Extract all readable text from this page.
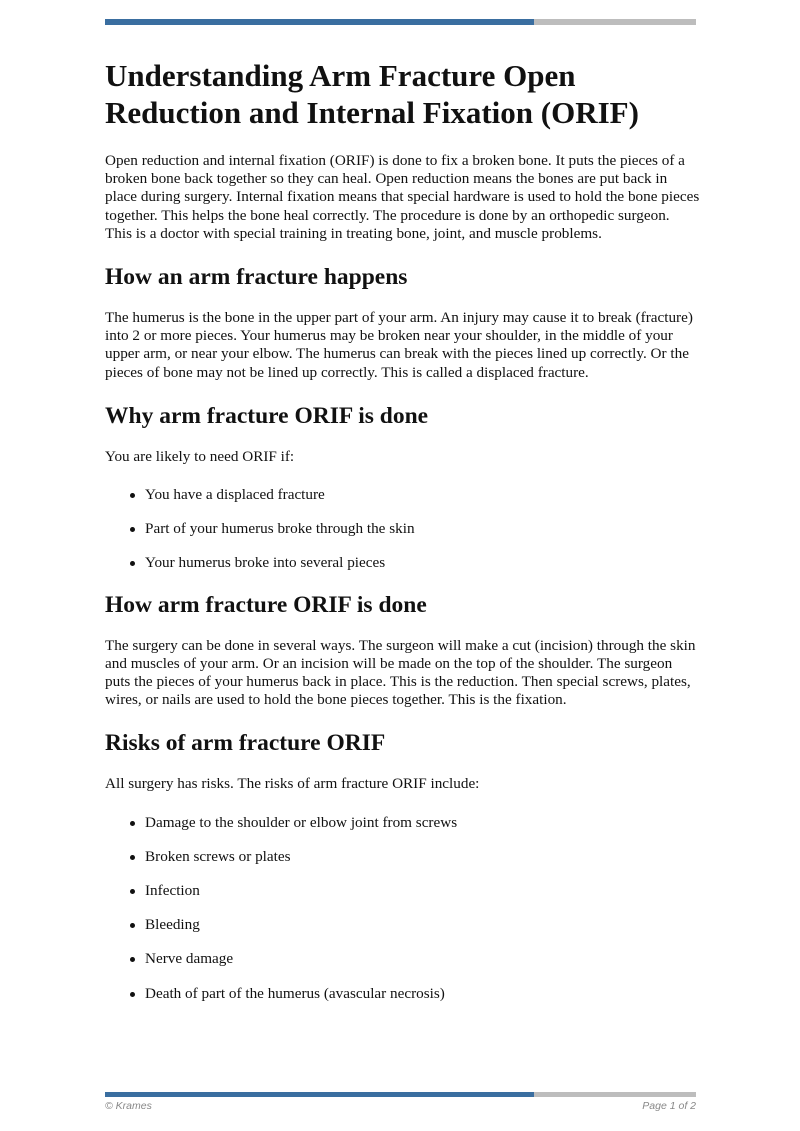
Understanding Arm Fracture Open Reduction and Internal Fixation (ORIF)

Open reduction and internal fixation (ORIF) is done to fix a broken bone. It puts the pieces of a broken bone back together so they can heal. Open reduction means the bones are put back in place during surgery. Internal fixation means that special hardware is used to hold the bone pieces together. This helps the bone heal correctly. The procedure is done by an orthopedic surgeon. This is a doctor with special training in treating bone, joint, and muscle problems.

How an arm fracture happens

The humerus is the bone in the upper part of your arm. An injury may cause it to break (fracture) into 2 or more pieces. Your humerus may be broken near your shoulder, in the middle of your upper arm, or near your elbow. The humerus can break with the pieces lined up correctly. Or the pieces of bone may not be lined up correctly. This is called a displaced fracture.

Why arm fracture ORIF is done

You are likely to need ORIF if:

You have a displaced fracture
Part of your humerus broke through the skin
Your humerus broke into several pieces
How arm fracture ORIF is done

The surgery can be done in several ways. The surgeon will make a cut (incision) through the skin and muscles of your arm. Or an incision will be made on the top of the shoulder. The surgeon puts the pieces of your humerus back in place. This is the reduction. Then special screws, plates, wires, or nails are used to hold the bone pieces together. This is the fixation.

Risks of arm fracture ORIF

All surgery has risks. The risks of arm fracture ORIF include:

Damage to the shoulder or elbow joint from screws
Broken screws or plates
Infection
Bleeding
Nerve damage
Death of part of the humerus (avascular necrosis)
© Krames	Page 1 of 2
